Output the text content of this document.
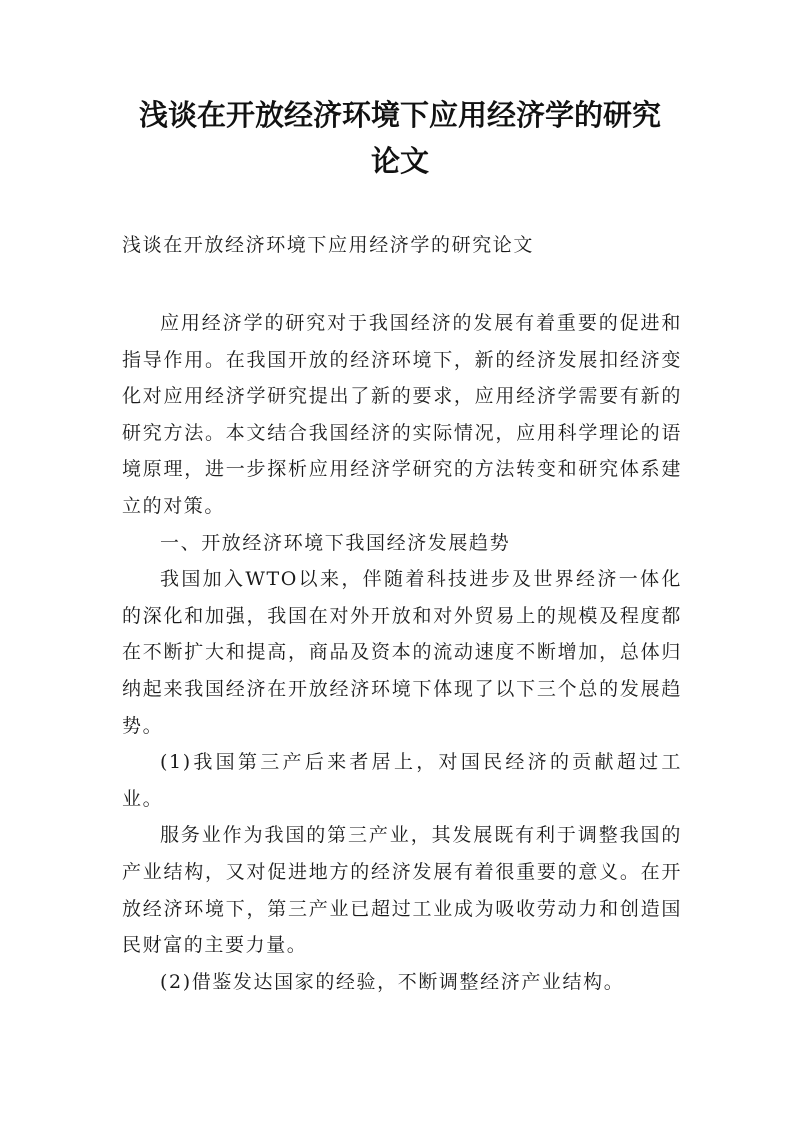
浅谈在开放经济环境下应用经济学的研究
论文

浅谈在开放经济环境下应用经济学的研究论文

应用经济学的研究对于我国经济的发展有着重要的促进和指导作用。在我国开放的经济环境下，新的经济发展扣经济变化对应用经济学研究提出了新的要求，应用经济学需要有新的研究方法。本文结合我国经济的实际情况，应用科学理论的语境原理，进一步探析应用经济学研究的方法转变和研究体系建立的对策。

一、开放经济环境下我国经济发展趋势

我国加入WTO以来，伴随着科技进步及世界经济一体化的深化和加强，我国在对外开放和对外贸易上的规模及程度都在不断扩大和提高，商品及资本的流动速度不断增加，总体归纳起来我国经济在开放经济环境下体现了以下三个总的发展趋势。

(1)我国第三产后来者居上，对国民经济的贡献超过工业。

服务业作为我国的第三产业，其发展既有利于调整我国的产业结构，又对促进地方的经济发展有着很重要的意义。在开放经济环境下，第三产业已超过工业成为吸收劳动力和创造国民财富的主要力量。

(2)借鉴发达国家的经验，不断调整经济产业结构。
